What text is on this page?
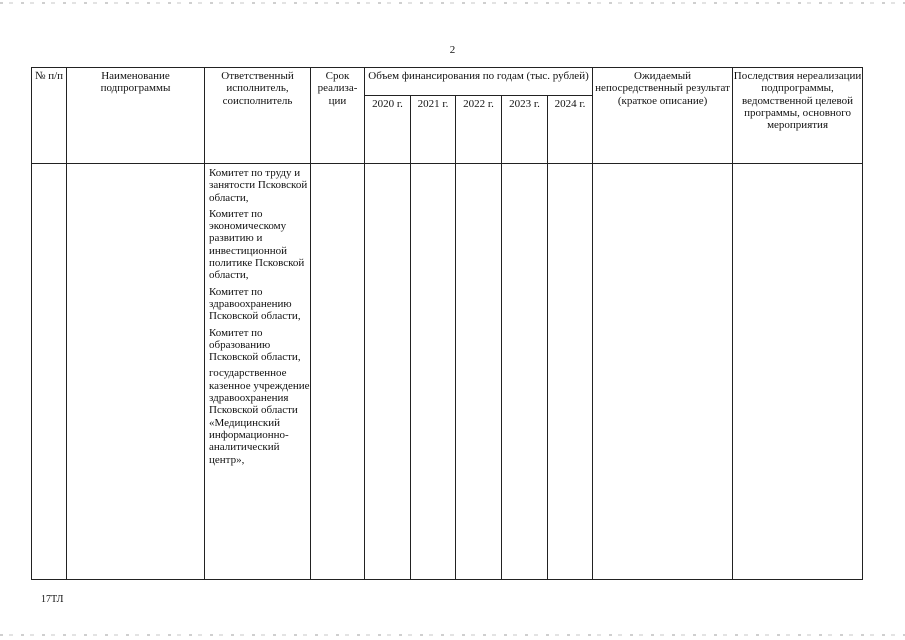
2
№ п/п	Наименование подпрограммы	Ответственный исполнитель, соисполнитель	Срок реализа-ции	Объем финансирования по годам (тыс. рублей)					Ожидаемый непосредственный результат (краткое описание)	Последствия нереализации подпрограммы, ведомственной целевой программы, основного мероприятия
				2020 г.	2021 г.	2022 г.	2023 г.	2024 г.		

		Комитет по труду и занятости Псковской области,
Комитет по экономическому развитию и инвестиционной политике Псковской области,
Комитет по здравоохранению Псковской области,
Комитет по образованию Псковской области,
государственное казенное учреждение здравоохранения Псковской области «Медицинский информационно-аналитический центр»,								

17ТЛ
